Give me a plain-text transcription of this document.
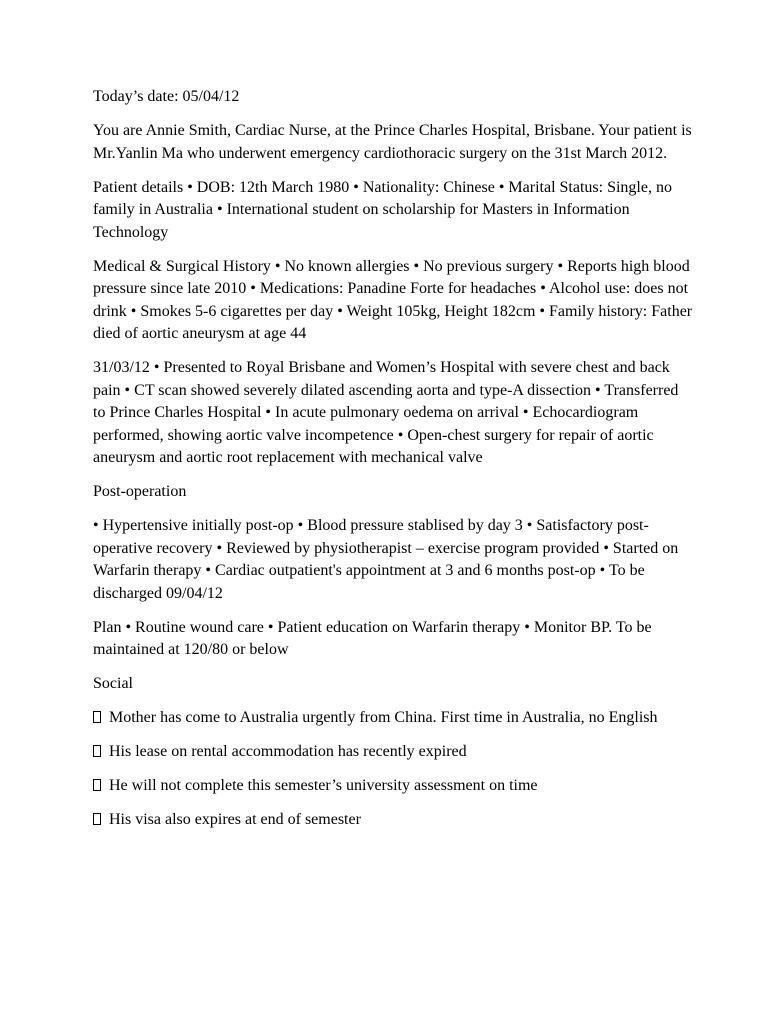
Today’s date: 05/04/12

You are Annie Smith, Cardiac Nurse, at the Prince Charles Hospital, Brisbane. Your patient is Mr.Yanlin Ma who underwent emergency cardiothoracic surgery on the 31st March 2012.

Patient details • DOB: 12th March 1980 • Nationality: Chinese • Marital Status: Single, no family in Australia • International student on scholarship for Masters in Information Technology

Medical & Surgical History • No known allergies • No previous surgery • Reports high blood pressure since late 2010 • Medications: Panadine Forte for headaches • Alcohol use: does not drink • Smokes 5-6 cigarettes per day • Weight 105kg, Height 182cm • Family history: Father died of aortic aneurysm at age 44

31/03/12 • Presented to Royal Brisbane and Women’s Hospital with severe chest and back pain • CT scan showed severely dilated ascending aorta and type-A dissection • Transferred to Prince Charles Hospital • In acute pulmonary oedema on arrival • Echocardiogram performed, showing aortic valve incompetence • Open-chest surgery for repair of aortic aneurysm and aortic root replacement with mechanical valve

Post-operation

• Hypertensive initially post-op • Blood pressure stablised by day 3 • Satisfactory post-operative recovery • Reviewed by physiotherapist – exercise program provided • Started on Warfarin therapy • Cardiac outpatient's appointment at 3 and 6 months post-op • To be discharged 09/04/12

Plan • Routine wound care • Patient education on Warfarin therapy • Monitor BP. To be maintained at 120/80 or below

Social

Mother has come to Australia urgently from China. First time in Australia, no English

His lease on rental accommodation has recently expired

He will not complete this semester’s university assessment on time

His visa also expires at end of semester
